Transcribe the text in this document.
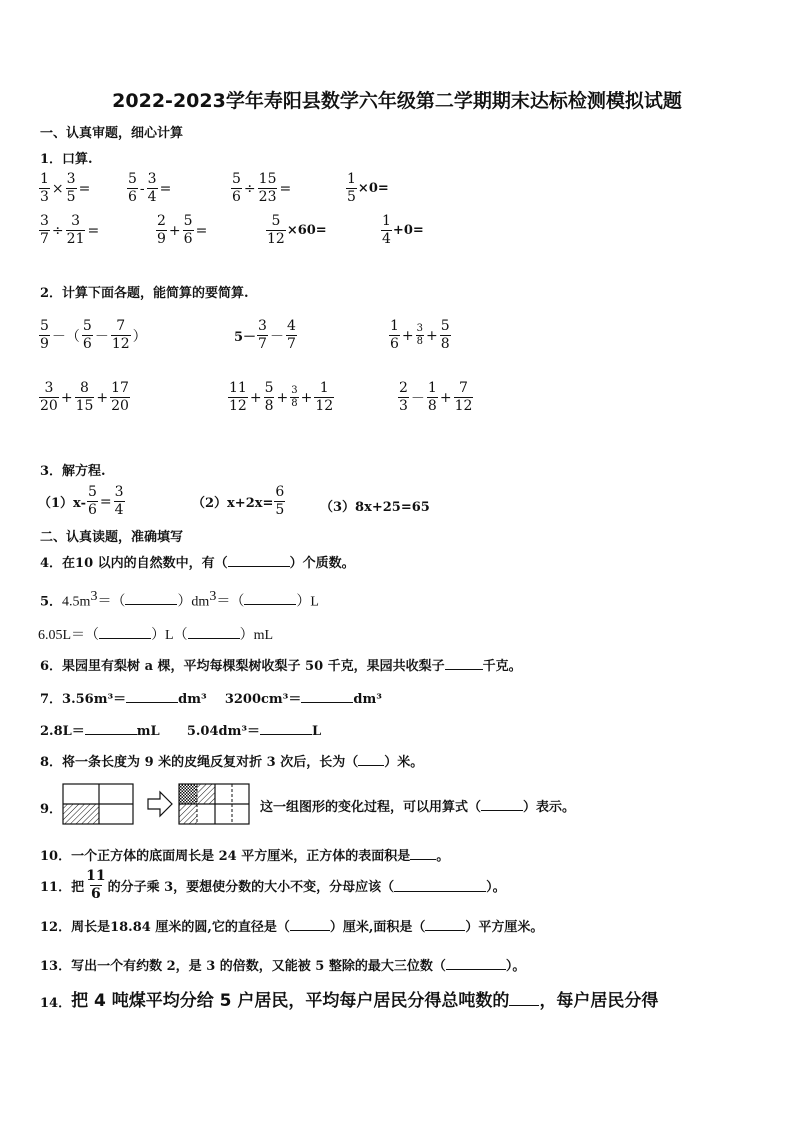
2022-2023学年寿阳县数学六年级第二学期期末达标检测模拟试题
一、认真审题，细心计算
1．口算.
$\frac{1}{3} \times \frac{3}{5}$ =	$\frac{5}{6} - \frac{3}{4}$ =	$\frac{5}{6} \div \frac{15}{23}$ =	$\frac{1}{5} \times 0=$
$\frac{3}{7} \div \frac{3}{21}$ =	$\frac{2}{9} + \frac{5}{6}$ =	$\frac{5}{12} \times 60=$	$\frac{1}{4} +0=$
2．计算下面各题，能简算的要简算.
$\frac{5}{9}$ －（ $\frac{5}{6} - \frac{7}{12}$ ）	$5- \frac{3}{7} - \frac{4}{7}$	$\frac{1}{6} + \frac{3}{8} + \frac{5}{8}$
$\frac{3}{20} + \frac{8}{15} + \frac{17}{20}$	$\frac{11}{12} + \frac{5}{8} + \frac{3}{8} + \frac{1}{12}$	$\frac{2}{3} - \frac{1}{8} + \frac{7}{12}$
3．解方程.
$(1)x- \frac{5}{6} = \frac{3}{4}$	$(2)x+2x= \frac{6}{5}$	（3）8x+25=65
二、认真读题，准确填写
4．在10 以内的自然数中，有（	）个质数。
5．$4.5m^3=$（	）$dm^3=$（	）L
6.05L＝（	）L（	）mL
6．果园里有梨树 a 棵，平均每棵梨树收梨子 50 千克，果园共收梨子	千克。
7．3.56m³＝	dm³ 3200cm³＝	dm³
2.8L＝	mL 5.04dm³＝	L
8．将一条长度为 9 米的皮绳反复对折 3 次后，长为（ ）米。
9．	这一组图形的变化过程，可以用算式（	）表示。
10．一个正方体的底面周长是 24 平方厘米，正方体的表面积是 。
11．把 $\frac{11}{6}$ 的分子乘 3，要想使分数的大小不变，分母应该（	）。
12．周长是18.84 厘米的圆,它的直径是（	）厘米,面积是（	）平方厘米。
13．写出一个有约数 2，是 3 的倍数，又能被 5 整除的最大三位数（	）。
14．把 4 吨煤平均分给 5 户居民，平均每户居民分得总吨数的 ，每户居民分得
